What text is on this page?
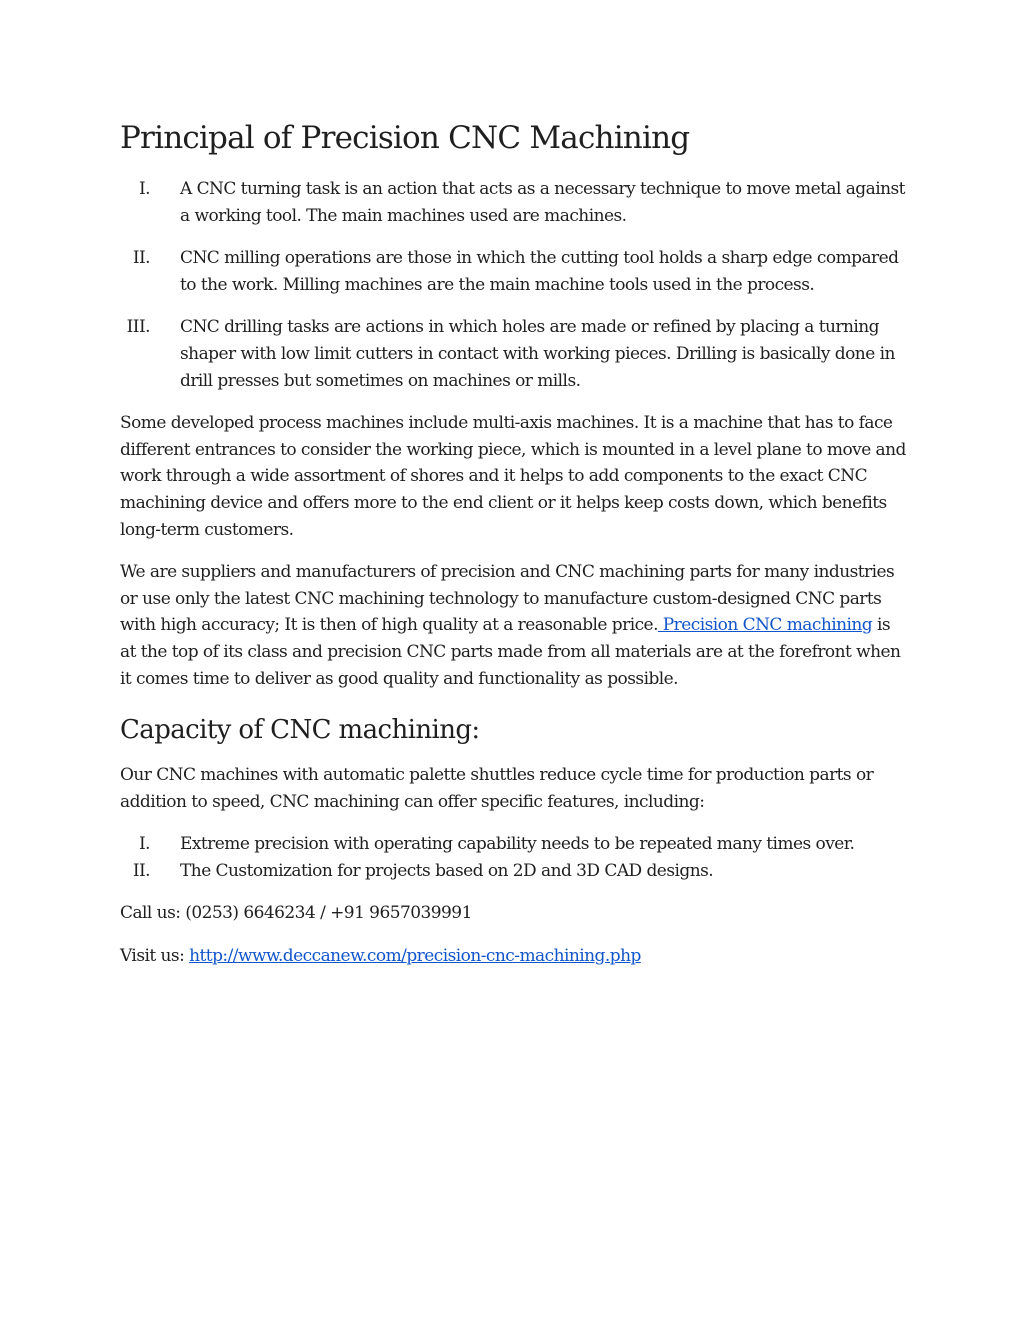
Principal of Precision CNC Machining
I. A CNC turning task is an action that acts as a necessary technique to move metal against a working tool. The main machines used are machines.
II. CNC milling operations are those in which the cutting tool holds a sharp edge compared to the work. Milling machines are the main machine tools used in the process.
III. CNC drilling tasks are actions in which holes are made or refined by placing a turning shaper with low limit cutters in contact with working pieces. Drilling is basically done in drill presses but sometimes on machines or mills.

Some developed process machines include multi-axis machines. It is a machine that has to face different entrances to consider the working piece, which is mounted in a level plane to move and work through a wide assortment of shores and it helps to add components to the exact CNC machining device and offers more to the end client or it helps keep costs down, which benefits long-term customers.

We are suppliers and manufacturers of precision and CNC machining parts for many industries or use only the latest CNC machining technology to manufacture custom-designed CNC parts with high accuracy; It is then of high quality at a reasonable price. Precision CNC machining is at the top of its class and precision CNC parts made from all materials are at the forefront when it comes time to deliver as good quality and functionality as possible.

Capacity of CNC machining:

Our CNC machines with automatic palette shuttles reduce cycle time for production parts or addition to speed, CNC machining can offer specific features, including:

I. Extreme precision with operating capability needs to be repeated many times over.
II. The Customization for projects based on 2D and 3D CAD designs.

Call us: (0253) 6646234 / +91 9657039991

Visit us: http://www.deccanew.com/precision-cnc-machining.php
